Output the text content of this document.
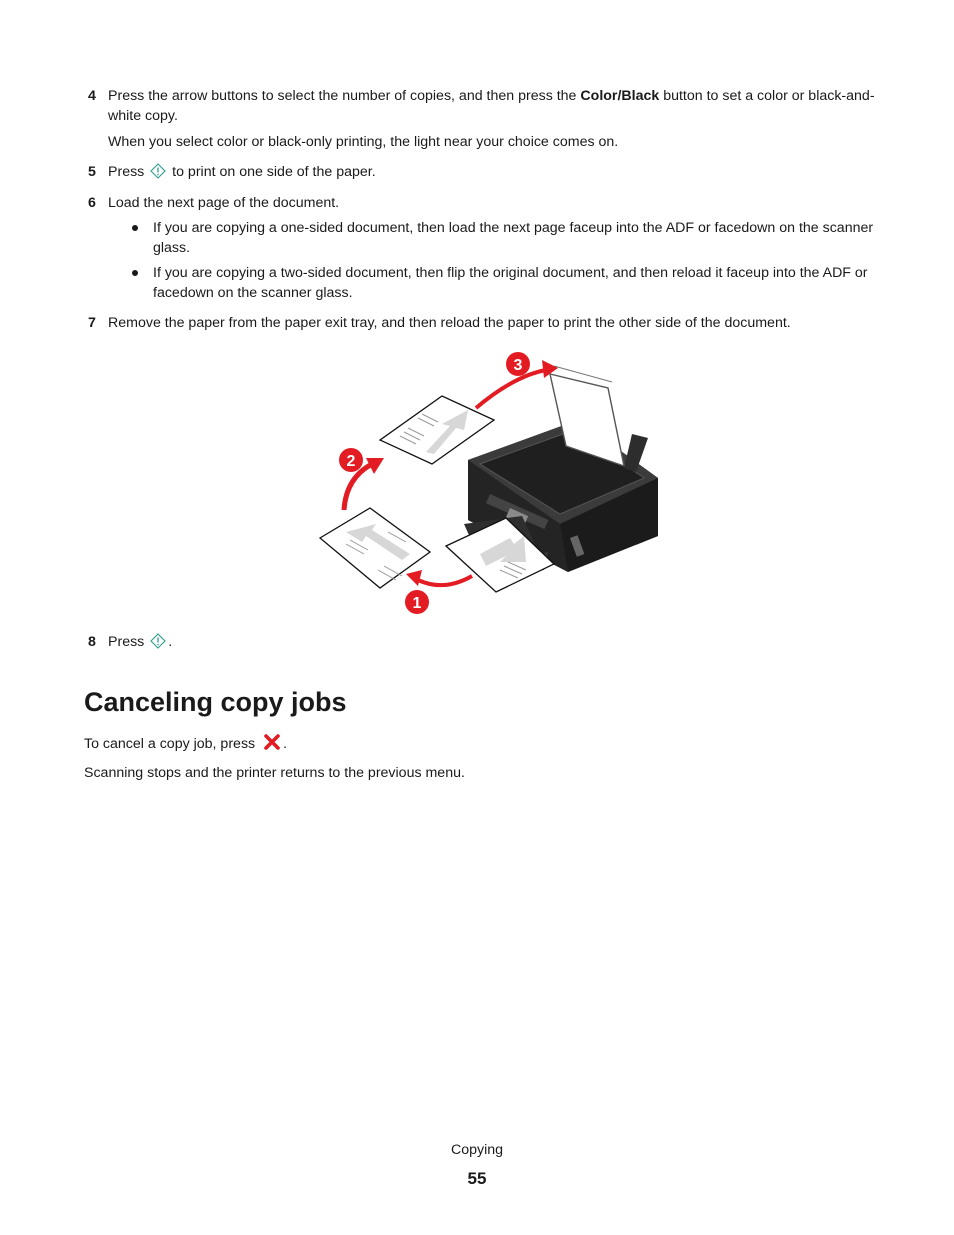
4 Press the arrow buttons to select the number of copies, and then press the Color/Black button to set a color or black-and-white copy.

When you select color or black-only printing, the light near your choice comes on.

5 Press  to print on one side of the paper.

6 Load the next page of the document.

If you are copying a one-sided document, then load the next page faceup into the ADF or facedown on the scanner glass.
If you are copying a two-sided document, then flip the original document, and then reload it faceup into the ADF or facedown on the scanner glass.
7 Remove the paper from the paper exit tray, and then reload the paper to print the other side of the document.

1
2
3
8 Press .

Canceling copy jobs

To cancel a copy job, press .

Scanning stops and the printer returns to the previous menu.

Copying
55
